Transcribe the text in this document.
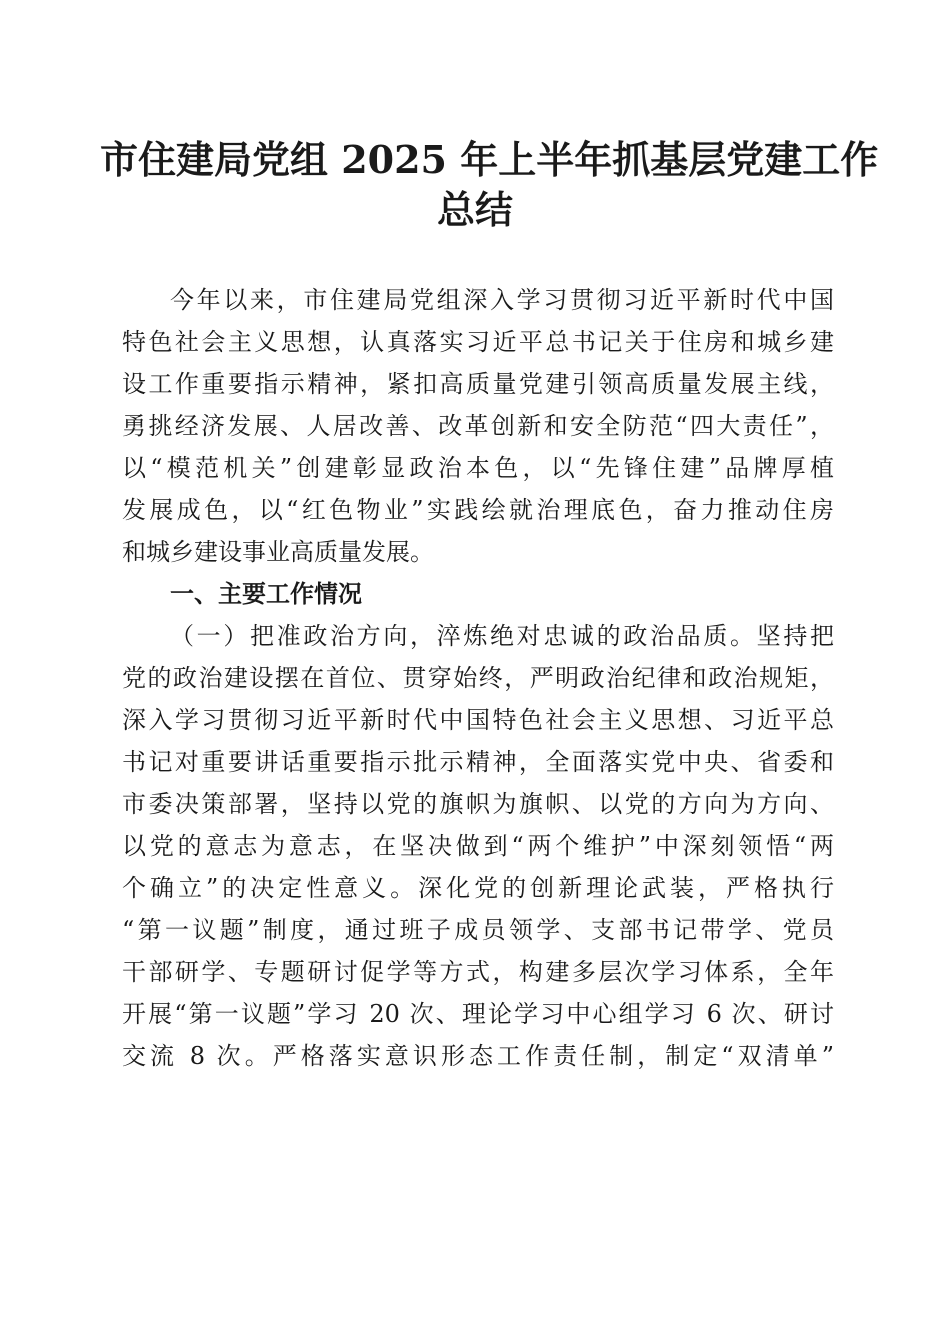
市住建局党组 2025 年上半年抓基层党建工作
总结
今年以来，市住建局党组深入学习贯彻习近平新时代中国
特色社会主义思想，认真落实习近平总书记关于住房和城乡建
设工作重要指示精神，紧扣高质量党建引领高质量发展主线，
勇挑经济发展、人居改善、改革创新和安全防范“四大责任”，
以“模范机关”创建彰显政治本色，以“先锋住建”品牌厚植
发展成色，以“红色物业”实践绘就治理底色，奋力推动住房
和城乡建设事业高质量发展。
一、主要工作情况
（一）把准政治方向，淬炼绝对忠诚的政治品质。坚持把
党的政治建设摆在首位、贯穿始终，严明政治纪律和政治规矩，
深入学习贯彻习近平新时代中国特色社会主义思想、习近平总
书记对重要讲话重要指示批示精神，全面落实党中央、省委和
市委决策部署，坚持以党的旗帜为旗帜、以党的方向为方向、
以党的意志为意志，在坚决做到“两个维护”中深刻领悟“两
个确立”的决定性意义。深化党的创新理论武装，严格执行
“第一议题”制度，通过班子成员领学、支部书记带学、党员
干部研学、专题研讨促学等方式，构建多层次学习体系，全年
开展“第一议题”学习 20 次、理论学习中心组学习 6 次、研讨
交流 8 次。严格落实意识形态工作责任制，制定“双清单”
